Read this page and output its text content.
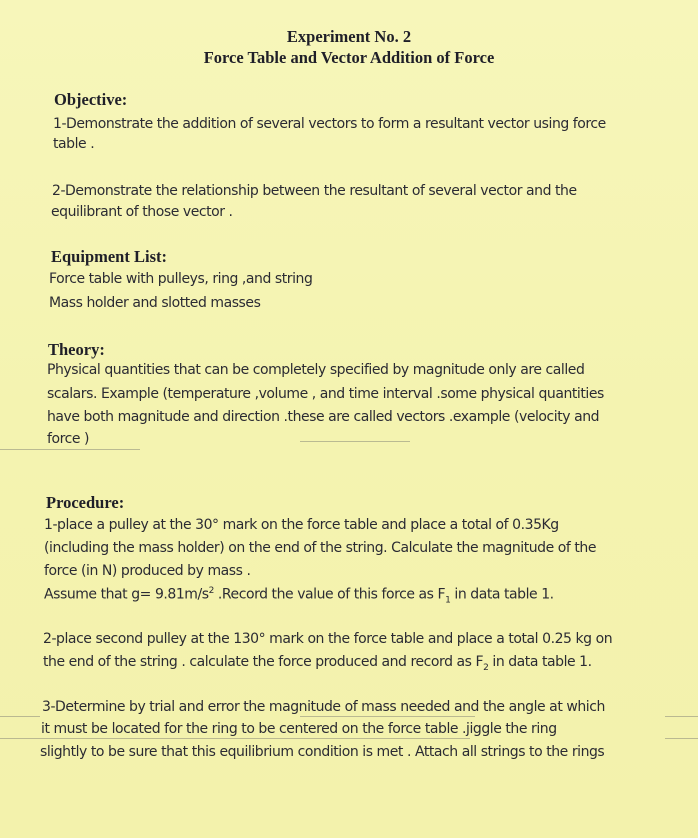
Experiment No. 2
Force Table and Vector Addition of Force
Objective:
1-Demonstrate the addition of several vectors to form a resultant vector using force
table .
2-Demonstrate the relationship between the resultant of several vector and the
equilibrant of those vector .
Equipment List:
Force table with pulleys, ring ,and string
Mass holder and slotted masses
Theory:
Physical quantities that can be completely specified by magnitude only are called
scalars. Example (temperature ,volume , and time interval .some physical quantities
have both magnitude and direction .these are called vectors .example (velocity and
force )
Procedure:
1-place a pulley at the 30° mark on the force table and place a total of 0.35Kg
(including the mass holder) on the end of the string. Calculate the magnitude of the
force (in N) produced by mass .
Assume that $g= 9.81m/s^2$ .Record the value of this force as $F_1$ in data table 1.
2-place second pulley at the 130° mark on the force table and place a total 0.25 kg on
the end of the string . calculate the force produced and record as $F_2$ in data table 1.
3-Determine by trial and error the magnitude of mass needed and the angle at which
it must be located for the ring to be centered on the force table .jiggle the ring
slightly to be sure that this equilibrium condition is met . Attach all strings to the rings
